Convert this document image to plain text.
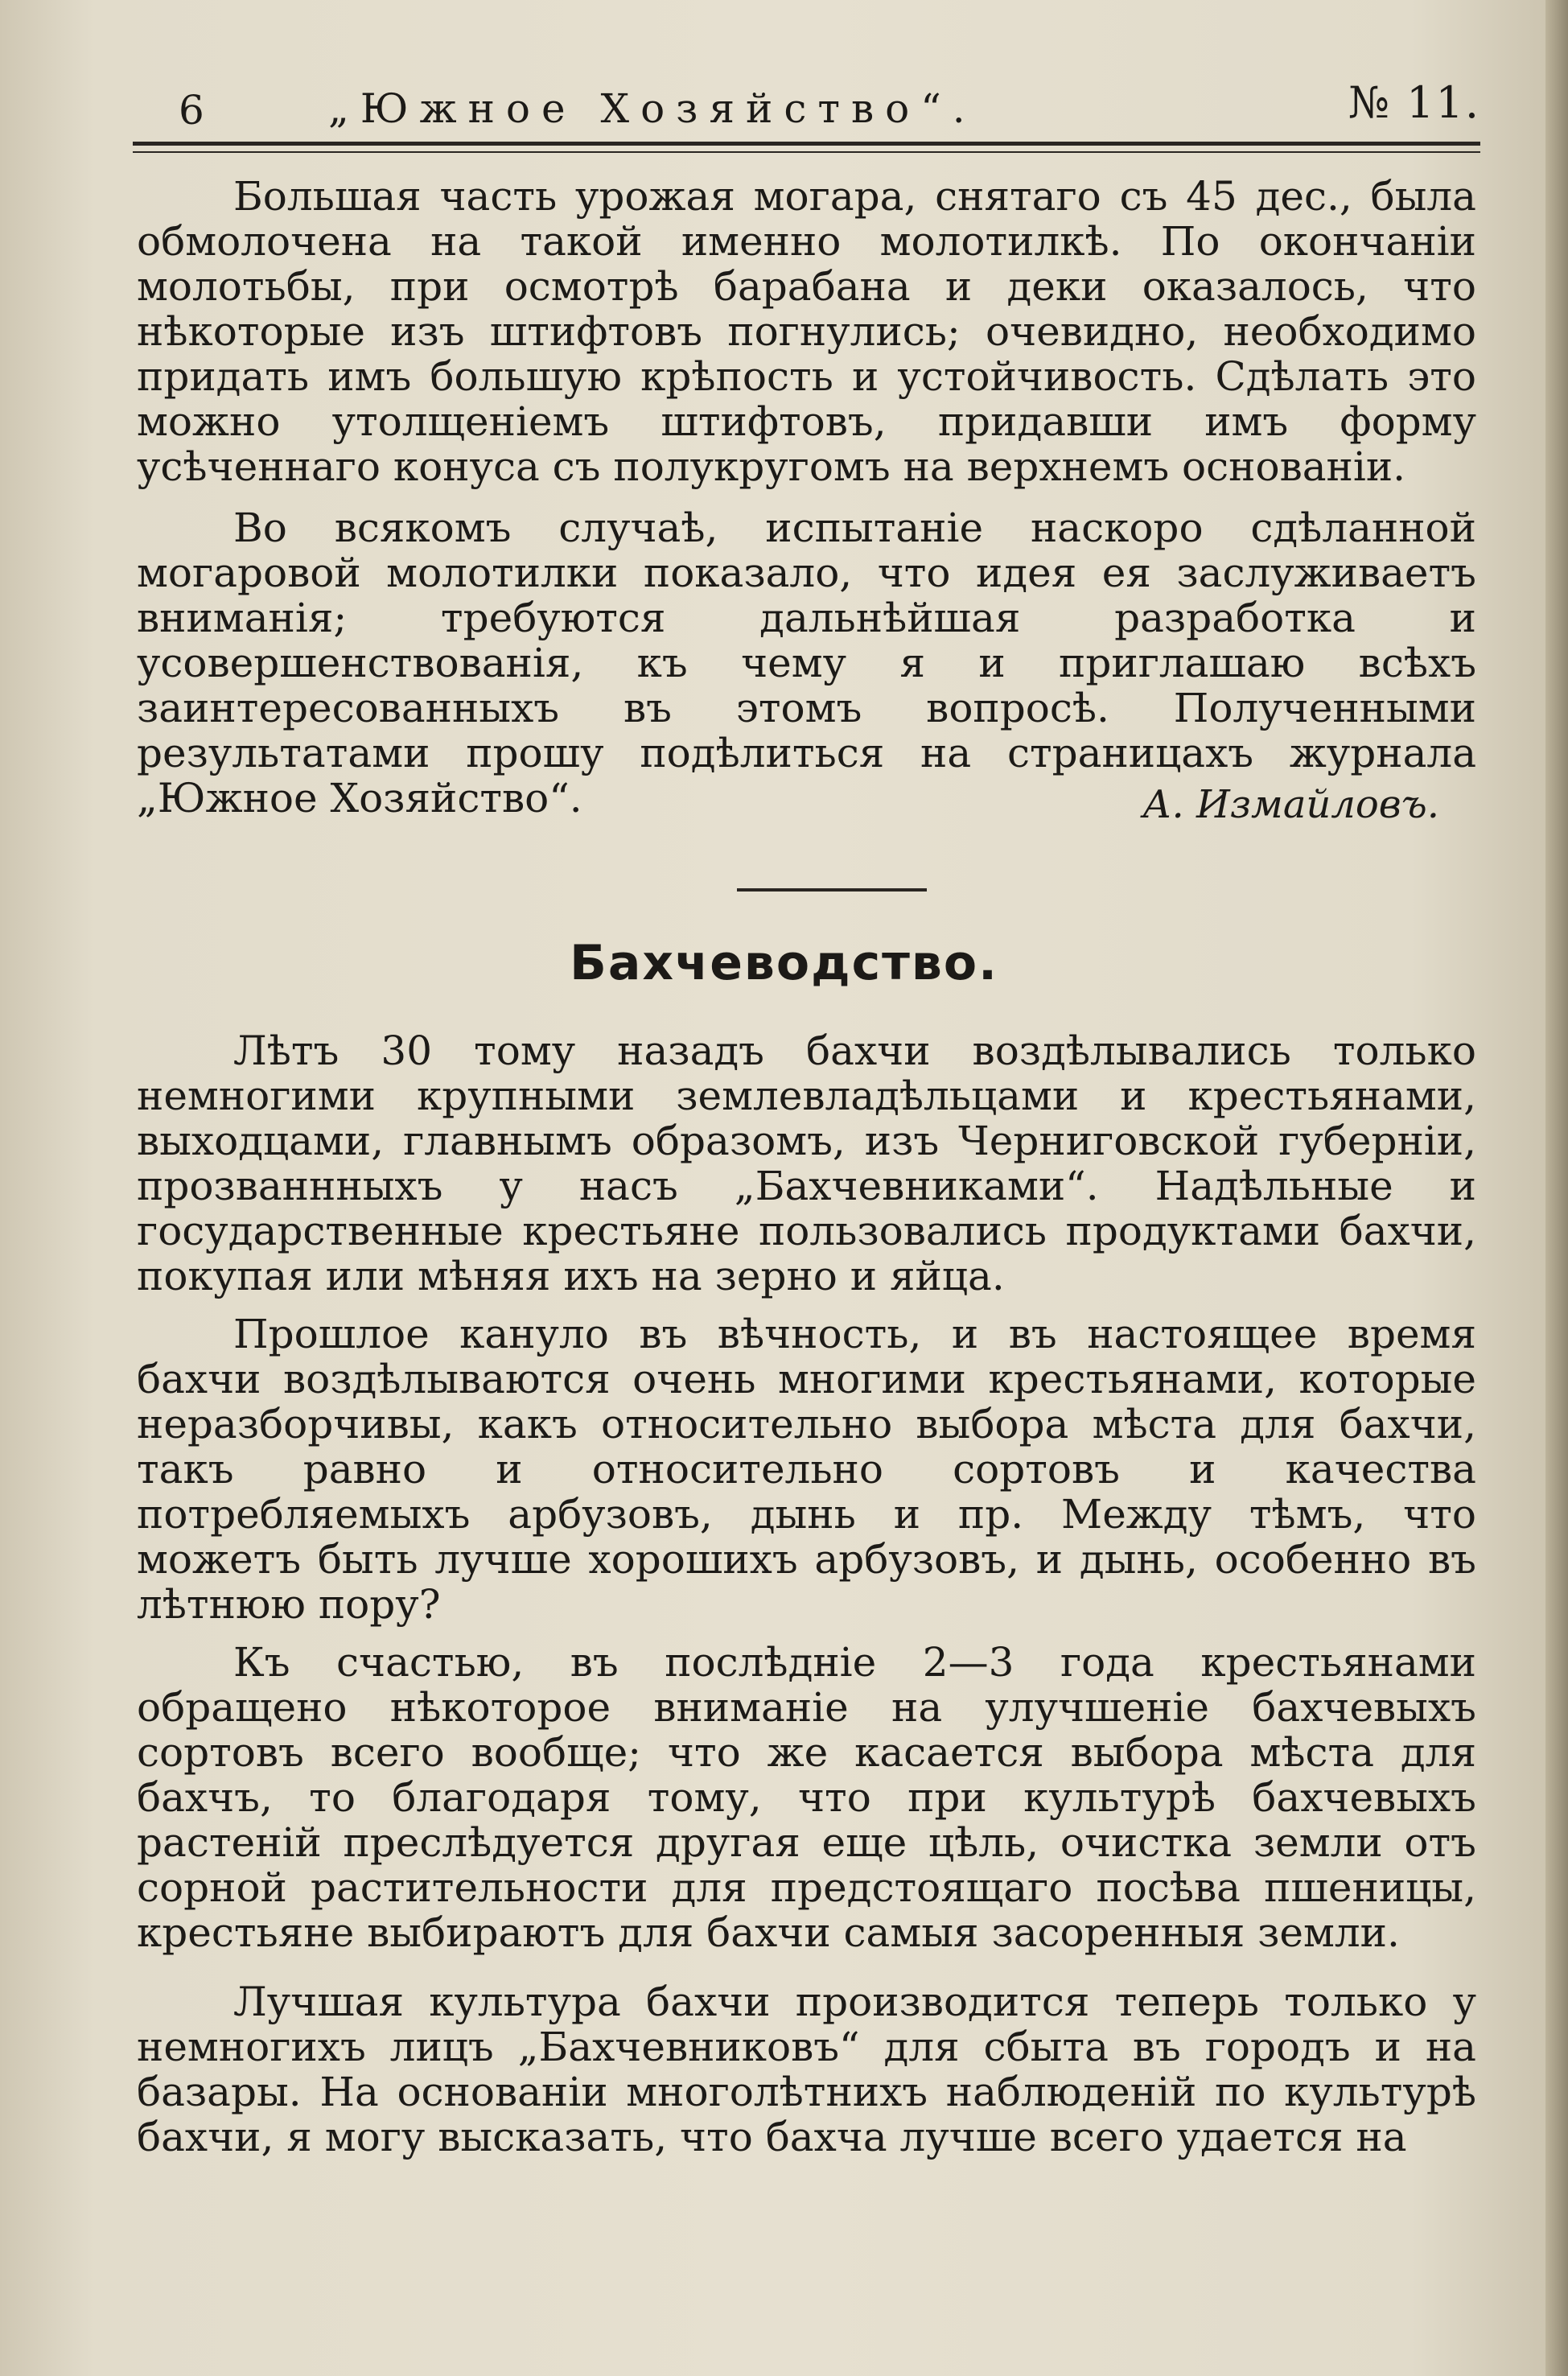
6	„Южное Хозяйство“.	№ 11.

Большая часть урожая могара, снятаго съ 45 дес., была обмолочена на такой именно молотилкѣ. По окончаніи молотьбы, при осмотрѣ барабана и деки оказалось, что нѣкоторые изъ штифтовъ погнулись; очевидно, необходимо придать имъ большую крѣпость и устойчивость. Сдѣлать это можно утолщеніемъ штифтовъ, придавши имъ форму усѣченнаго конуса съ полукругомъ на верхнемъ основаніи.

Во всякомъ случаѣ, испытаніе наскоро сдѣланной могаровой молотилки показало, что идея ея заслуживаетъ вниманія; требуются дальнѣйшая разработка и усовершенствованія, къ чему я и приглашаю всѣхъ заинтересованныхъ въ этомъ вопросѣ. Полученными результатами прошу подѣлиться на страницахъ журнала „Южное Хозяйство“.	А. Измайловъ.
Бахчеводство.

Лѣтъ 30 тому назадъ бахчи воздѣлывались только немногими крупными землевладѣльцами и крестьянами, выходцами, главнымъ образомъ, изъ Черниговской губерніи, прозваннныхъ у насъ „Бахчевниками“. Надѣльные и государственные крестьяне пользовались продуктами бахчи, покупая или мѣняя ихъ на зерно и яйца.

Прошлое кануло въ вѣчность, и въ настоящее время бахчи воздѣлываются очень многими крестьянами, которые неразборчивы, какъ относительно выбора мѣста для бахчи, такъ равно и относительно сортовъ и качества потребляемыхъ арбузовъ, дынь и пр. Между тѣмъ, что можетъ быть лучше хорошихъ арбузовъ, и дынь, особенно въ лѣтнюю пору?

Къ счастью, въ послѣдніе 2—3 года крестьянами обращено нѣкоторое вниманіе на улучшеніе бахчевыхъ сортовъ всего вообще; что же касается выбора мѣста для бахчъ, то благодаря тому, что при культурѣ бахчевыхъ растеній преслѣдуется другая еще цѣль, очистка земли отъ сорной растительности для предстоящаго посѣва пшеницы, крестьяне выбираютъ для бахчи самыя засоренныя земли.

Лучшая культура бахчи производится теперь только у немногихъ лицъ „Бахчевниковъ“ для сбыта въ городъ и на базары. На основаніи многолѣтнихъ наблюденій по культурѣ бахчи, я могу высказать, что бахча лучше всего удается на
